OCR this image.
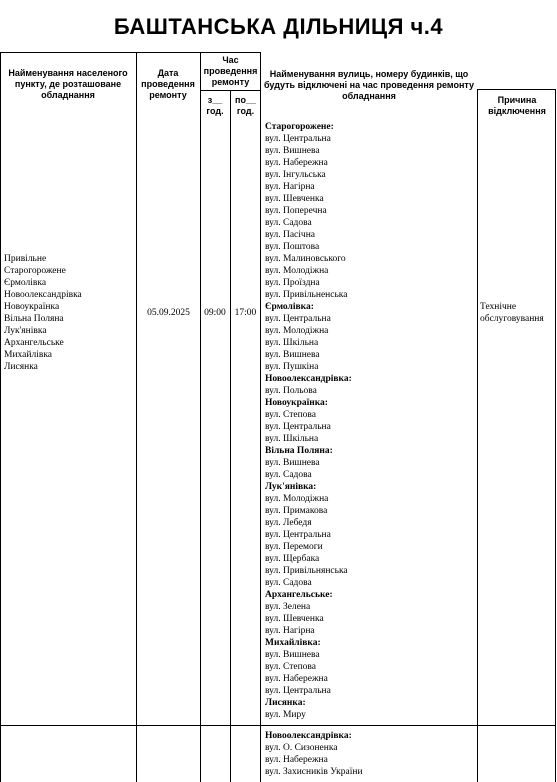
БАШТАНСЬКА ДІЛЬНИЦЯ ч.4
Найменування населеного пункту, де розташоване обладнання
Дата проведення ремонту
Час проведення ремонту
з__ год.
по__ год.
Найменування вулиць, номеру будинків, що будуть відключені на час проведення ремонту обладнання	Причина відключення
Привільне
Старогорожене
Єрмолівка
Новоолександрівка
Новоукраїнка
Вільна Поляна
Лук'янівка
Архангельське
Михайлівка
Лисянка
05.09.2025	09:00 17:00
Технічне обслуговування
Старогорожене:
вул. Центральна
вул. Вишнева
вул. Набережна
вул. Інгульська
вул. Нагірна
вул. Шевченка
вул. Поперечна
вул. Садова
вул. Пасічна
вул. Поштова
вул. Малиновського
вул. Молодіжна
вул. Проїздна
вул. Привільненська
Єрмолівка:
вул. Центральна
вул. Молодіжна
вул. Шкільна
вул. Вишнева
вул. Пушкіна
Новоолександрівка:
вул. Польова
Новоукраїнка:
вул. Степова
вул. Центральна
вул. Шкільна
Вільна Поляна:
вул. Вишнева
вул. Садова
Лук'янівка:
вул. Молодіжна
вул. Примакова
вул. Лебедя
вул. Центральна
вул. Перемоги
вул. Щербака
вул. Привільнянська
вул. Садова
Архангельське:
вул. Зелена
вул. Шевченка
вул. Нагірна
Михайлівка:
вул. Вишнева
вул. Степова
вул. Набережна
вул. Центральна
Лисянка:
вул. Миру
Новоолександрівка:
вул. О. Сизоненка
вул. Набережна
вул. Захисників України
